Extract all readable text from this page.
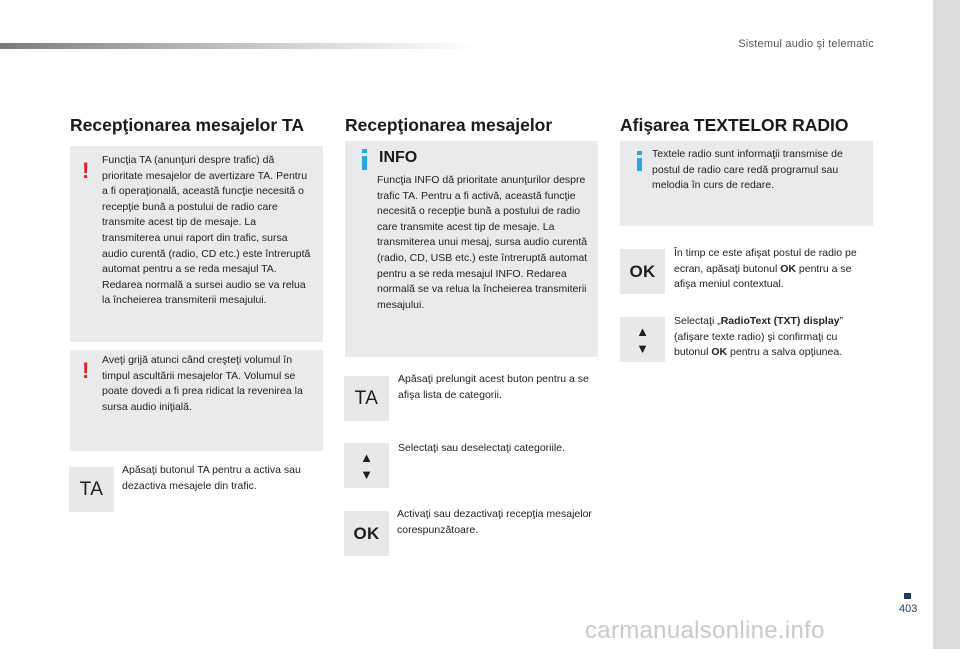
Sistemul audio şi telematic
Recepţionarea mesajelor TA
! Funcţia TA (anunţuri despre trafic) dă prioritate mesajelor de avertizare TA. Pentru a fi operaţională, această funcţie necesită o recepţie bună a postului de radio care transmite acest tip de mesaje. La transmiterea unui raport din trafic, sursa audio curentă (radio, CD etc.) este întreruptă automat pentru a se reda mesajul TA. Redarea normală a sursei audio se va relua la încheierea transmiterii mesajului.

! Aveţi grijă atunci când creşteţi volumul în timpul ascultării mesajelor TA. Volumul se poate dovedi a fi prea ridicat la revenirea la sursa audio iniţială.

TA

Apăsaţi butonul TA pentru a activa sau dezactiva mesajele din trafic.

Recepţionarea mesajelor

INFO

Funcţia INFO dă prioritate anunţurilor despre trafic TA. Pentru a fi activă, această funcţie necesită o recepţie bună a postului de radio care transmite acest tip de mesaje. La transmiterea unui mesaj, sursa audio curentă (radio, CD, USB etc.) este întreruptă automat pentru a se reda mesajul INFO. Redarea normală se va relua la încheierea transmiterii mesajului.

TA

Apăsaţi prelungit acest buton pentru a se afişa lista de categorii.

▲
▼

Selectaţi sau deselectaţi categoriile.

OK

Activaţi sau dezactivaţi recepţia mesajelor corespunzătoare.

Afişarea TEXTELOR RADIO

Textele radio sunt informaţii transmise de postul de radio care redă programul sau melodia în curs de redare.

OK

În timp ce este afişat postul de radio pe ecran, apăsaţi butonul OK pentru a se afişa meniul contextual.

▲
▼

Selectaţi „RadioText (TXT) display” (afişare texte radio) şi confirmaţi cu butonul OK pentru a salva opţiunea.

403
carmanualsonline.info
